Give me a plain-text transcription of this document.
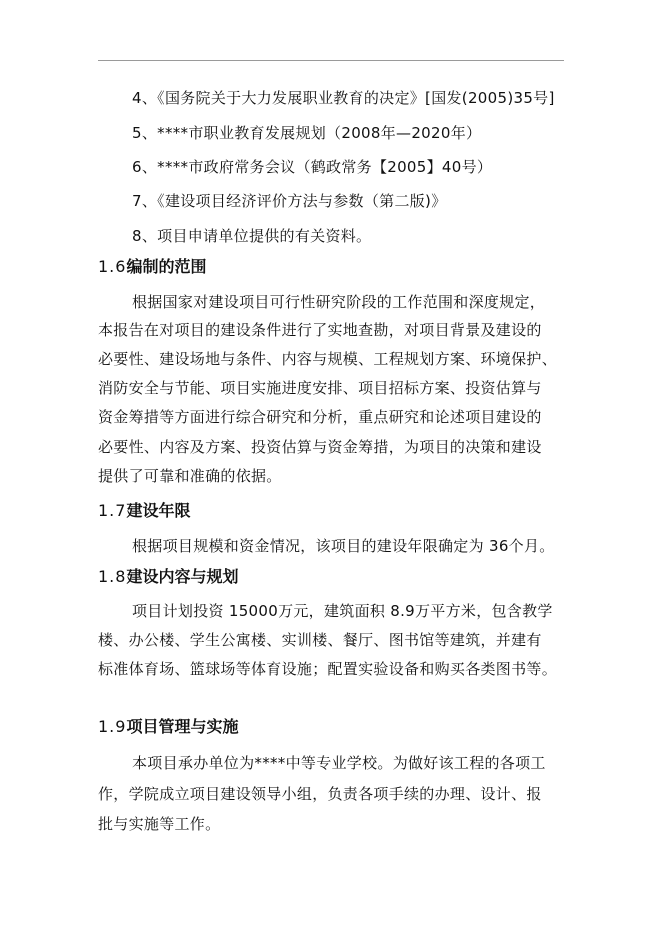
4、《国务院关于大力发展职业教育的决定》[国发(2005)35号]
5、****市职业教育发展规划（2008年—2020年）
6、****市政府常务会议（鹤政常务【2005】40号）
7、《建设项目经济评价方法与参数（第二版)》
8、项目申请单位提供的有关资料。
1.6编制的范围
根据国家对建设项目可行性研究阶段的工作范围和深度规定，
本报告在对项目的建设条件进行了实地查勘，对项目背景及建设的
必要性、建设场地与条件、内容与规模、工程规划方案、环境保护、
消防安全与节能、项目实施进度安排、项目招标方案、投资估算与
资金筹措等方面进行综合研究和分析，重点研究和论述项目建设的
必要性、内容及方案、投资估算与资金筹措，为项目的决策和建设
提供了可靠和准确的依据。
1.7建设年限
根据项目规模和资金情况，该项目的建设年限确定为 36个月。
1.8建设内容与规划
项目计划投资 15000万元，建筑面积 8.9万平方米，包含教学
楼、办公楼、学生公寓楼、实训楼、餐厅、图书馆等建筑，并建有
标准体育场、篮球场等体育设施；配置实验设备和购买各类图书等。
1.9项目管理与实施
本项目承办单位为****中等专业学校。为做好该工程的各项工
作，学院成立项目建设领导小组，负责各项手续的办理、设计、报
批与实施等工作。
